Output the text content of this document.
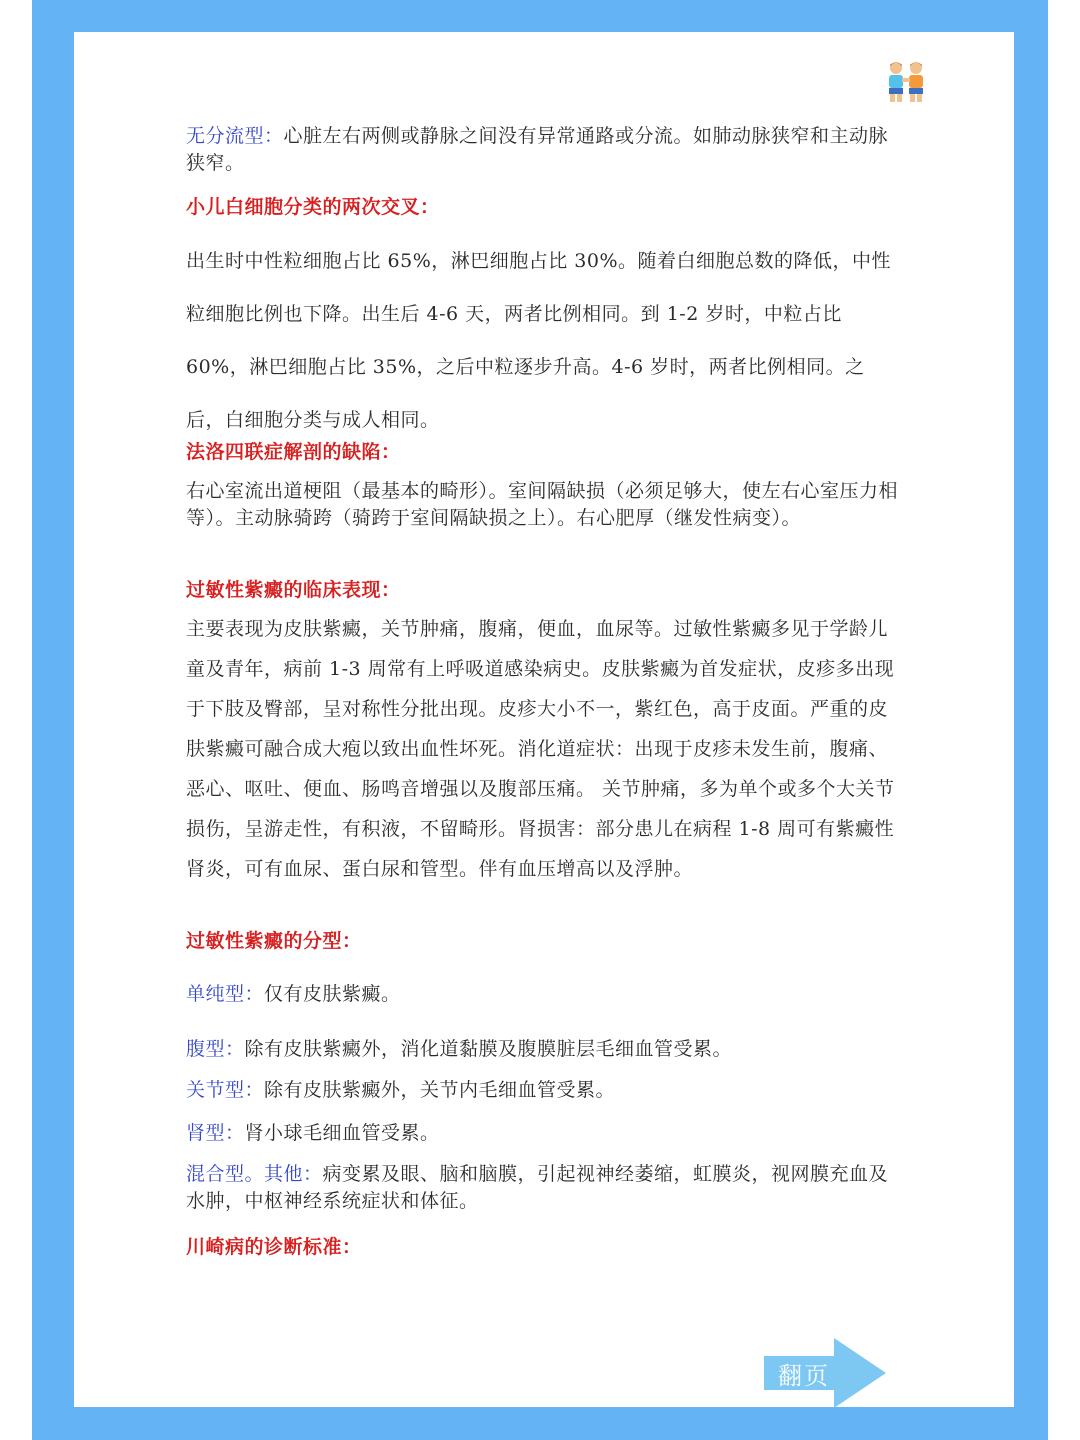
无分流型：心脏左右两侧或静脉之间没有异常通路或分流。如肺动脉狭窄和主动脉狭窄。

小儿白细胞分类的两次交叉：

出生时中性粒细胞占比 65%，淋巴细胞占比 30%。随着白细胞总数的降低，中性粒细胞比例也下降。出生后 4-6 天，两者比例相同。到 1-2 岁时，中粒占比 60%，淋巴细胞占比 35%，之后中粒逐步升高。4-6 岁时，两者比例相同。之后，白细胞分类与成人相同。

法洛四联症解剖的缺陷：

右心室流出道梗阻（最基本的畸形）。室间隔缺损（必须足够大，使左右心室压力相等）。主动脉骑跨（骑跨于室间隔缺损之上）。右心肥厚（继发性病变）。

过敏性紫癜的临床表现：

主要表现为皮肤紫癜，关节肿痛，腹痛，便血，血尿等。过敏性紫癜多见于学龄儿童及青年，病前 1-3 周常有上呼吸道感染病史。皮肤紫癜为首发症状，皮疹多出现于下肢及臀部，呈对称性分批出现。皮疹大小不一，紫红色，高于皮面。严重的皮肤紫癜可融合成大疱以致出血性坏死。消化道症状：出现于皮疹未发生前，腹痛、恶心、呕吐、便血、肠鸣音增强以及腹部压痛。 关节肿痛，多为单个或多个大关节损伤，呈游走性，有积液，不留畸形。肾损害：部分患儿在病程 1-8 周可有紫癜性肾炎，可有血尿、蛋白尿和管型。伴有血压增高以及浮肿。

过敏性紫癜的分型：

单纯型：仅有皮肤紫癜。

腹型：除有皮肤紫癜外，消化道黏膜及腹膜脏层毛细血管受累。

关节型：除有皮肤紫癜外，关节内毛细血管受累。

肾型：肾小球毛细血管受累。

混合型。其他：病变累及眼、脑和脑膜，引起视神经萎缩，虹膜炎，视网膜充血及水肿，中枢神经系统症状和体征。

川崎病的诊断标准：

翻页
